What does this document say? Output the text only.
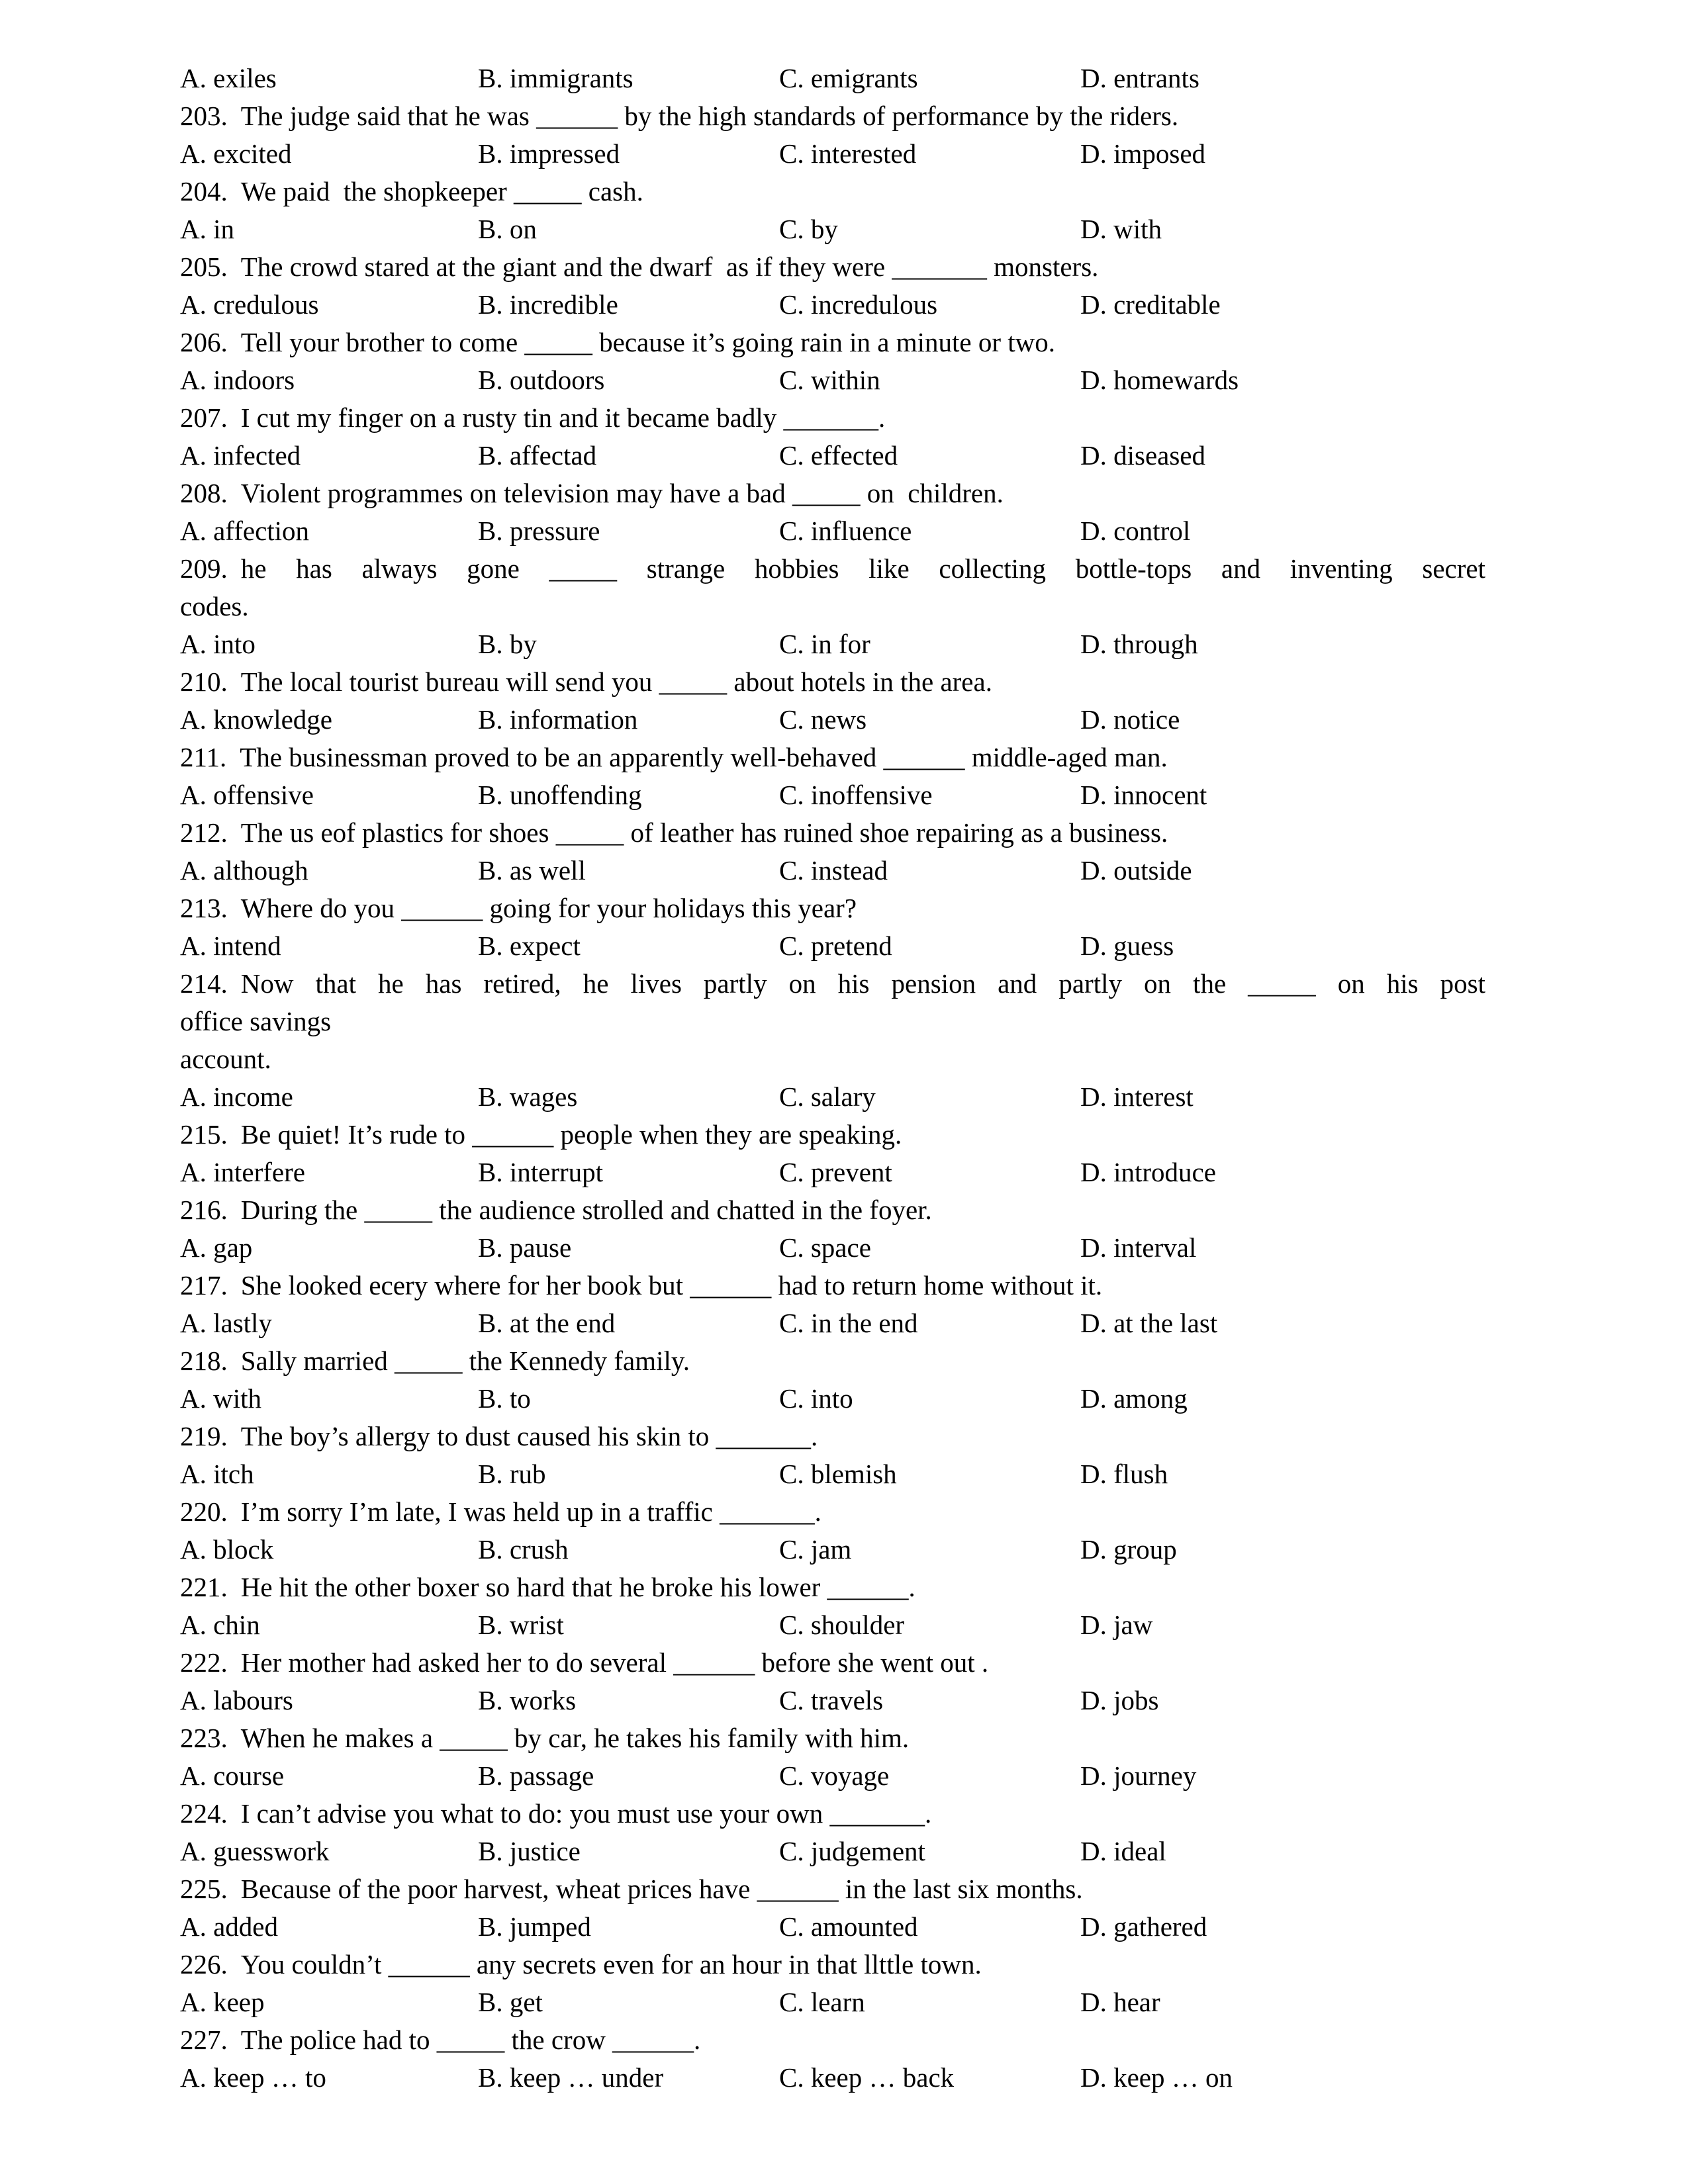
A. exiles	B. immigrants	C. emigrants	D. entrants
203. The judge said that he was ______ by the high standards of performance by the riders.
A. excited	B. impressed	C. interested	D. imposed
204. We paid  the shopkeeper _____ cash.
A. in	B. on	C. by	D. with
205. The crowd stared at the giant and the dwarf  as if they were _______ monsters.
A. credulous	B. incredible	C. incredulous	D. creditable
206. Tell your brother to come _____ because it’s going rain in a minute or two.
A. indoors	B. outdoors	C. within	D. homewards
207. I cut my finger on a rusty tin and it became badly _______.
A. infected	B. affectad	C. effected	D. diseased
208. Violent programmes on television may have a bad _____ on  children.
A. affection	B. pressure	C. influence	D. control
209. he has always gone _____ strange hobbies like collecting bottle-tops and inventing secret
codes.
A. into	B. by	C. in for	D. through
210. The local tourist bureau will send you _____ about hotels in the area.
A. knowledge	B. information	C. news	D. notice
211. The businessman proved to be an apparently well-behaved ______ middle-aged man.
A. offensive	B. unoffending	C. inoffensive	D. innocent
212. The us eof plastics for shoes _____ of leather has ruined shoe repairing as a business.
A. although	B. as well	C. instead	D. outside
213. Where do you ______ going for your holidays this year?
A. intend	B. expect	C. pretend	D. guess
214. Now that he has retired, he lives partly on his pension and partly on the _____ on his post
office savings
account.
A. income	B. wages	C. salary	D. interest
215. Be quiet! It’s rude to ______ people when they are speaking.
A. interfere	B. interrupt	C. prevent	D. introduce
216. During the _____ the audience strolled and chatted in the foyer.
A. gap	B. pause	C. space	D. interval
217. She looked ecery where for her book but ______ had to return home without it.
A. lastly	B. at the end	C. in the end	D. at the last
218. Sally married _____ the Kennedy family.
A. with	B. to	C. into	D. among
219. The boy’s allergy to dust caused his skin to _______.
A. itch	B. rub	C. blemish	D. flush
220. I’m sorry I’m late, I was held up in a traffic _______.
A. block	B. crush	C. jam	D. group
221. He hit the other boxer so hard that he broke his lower ______.
A. chin	B. wrist	C. shoulder	D. jaw
222. Her mother had asked her to do several ______ before she went out .
A. labours	B. works	C. travels	D. jobs
223. When he makes a _____ by car, he takes his family with him.
A. course	B. passage	C. voyage	D. journey
224. I can’t advise you what to do: you must use your own _______.
A. guesswork	B. justice	C. judgement	D. ideal
225. Because of the poor harvest, wheat prices have ______ in the last six months.
A. added	B. jumped	C. amounted	D. gathered
226. You couldn’t ______ any secrets even for an hour in that llttle town.
A. keep	B. get	C. learn	D. hear
227. The police had to _____ the crow ______.
A. keep … to	B. keep … under	C. keep … back	D. keep … on
